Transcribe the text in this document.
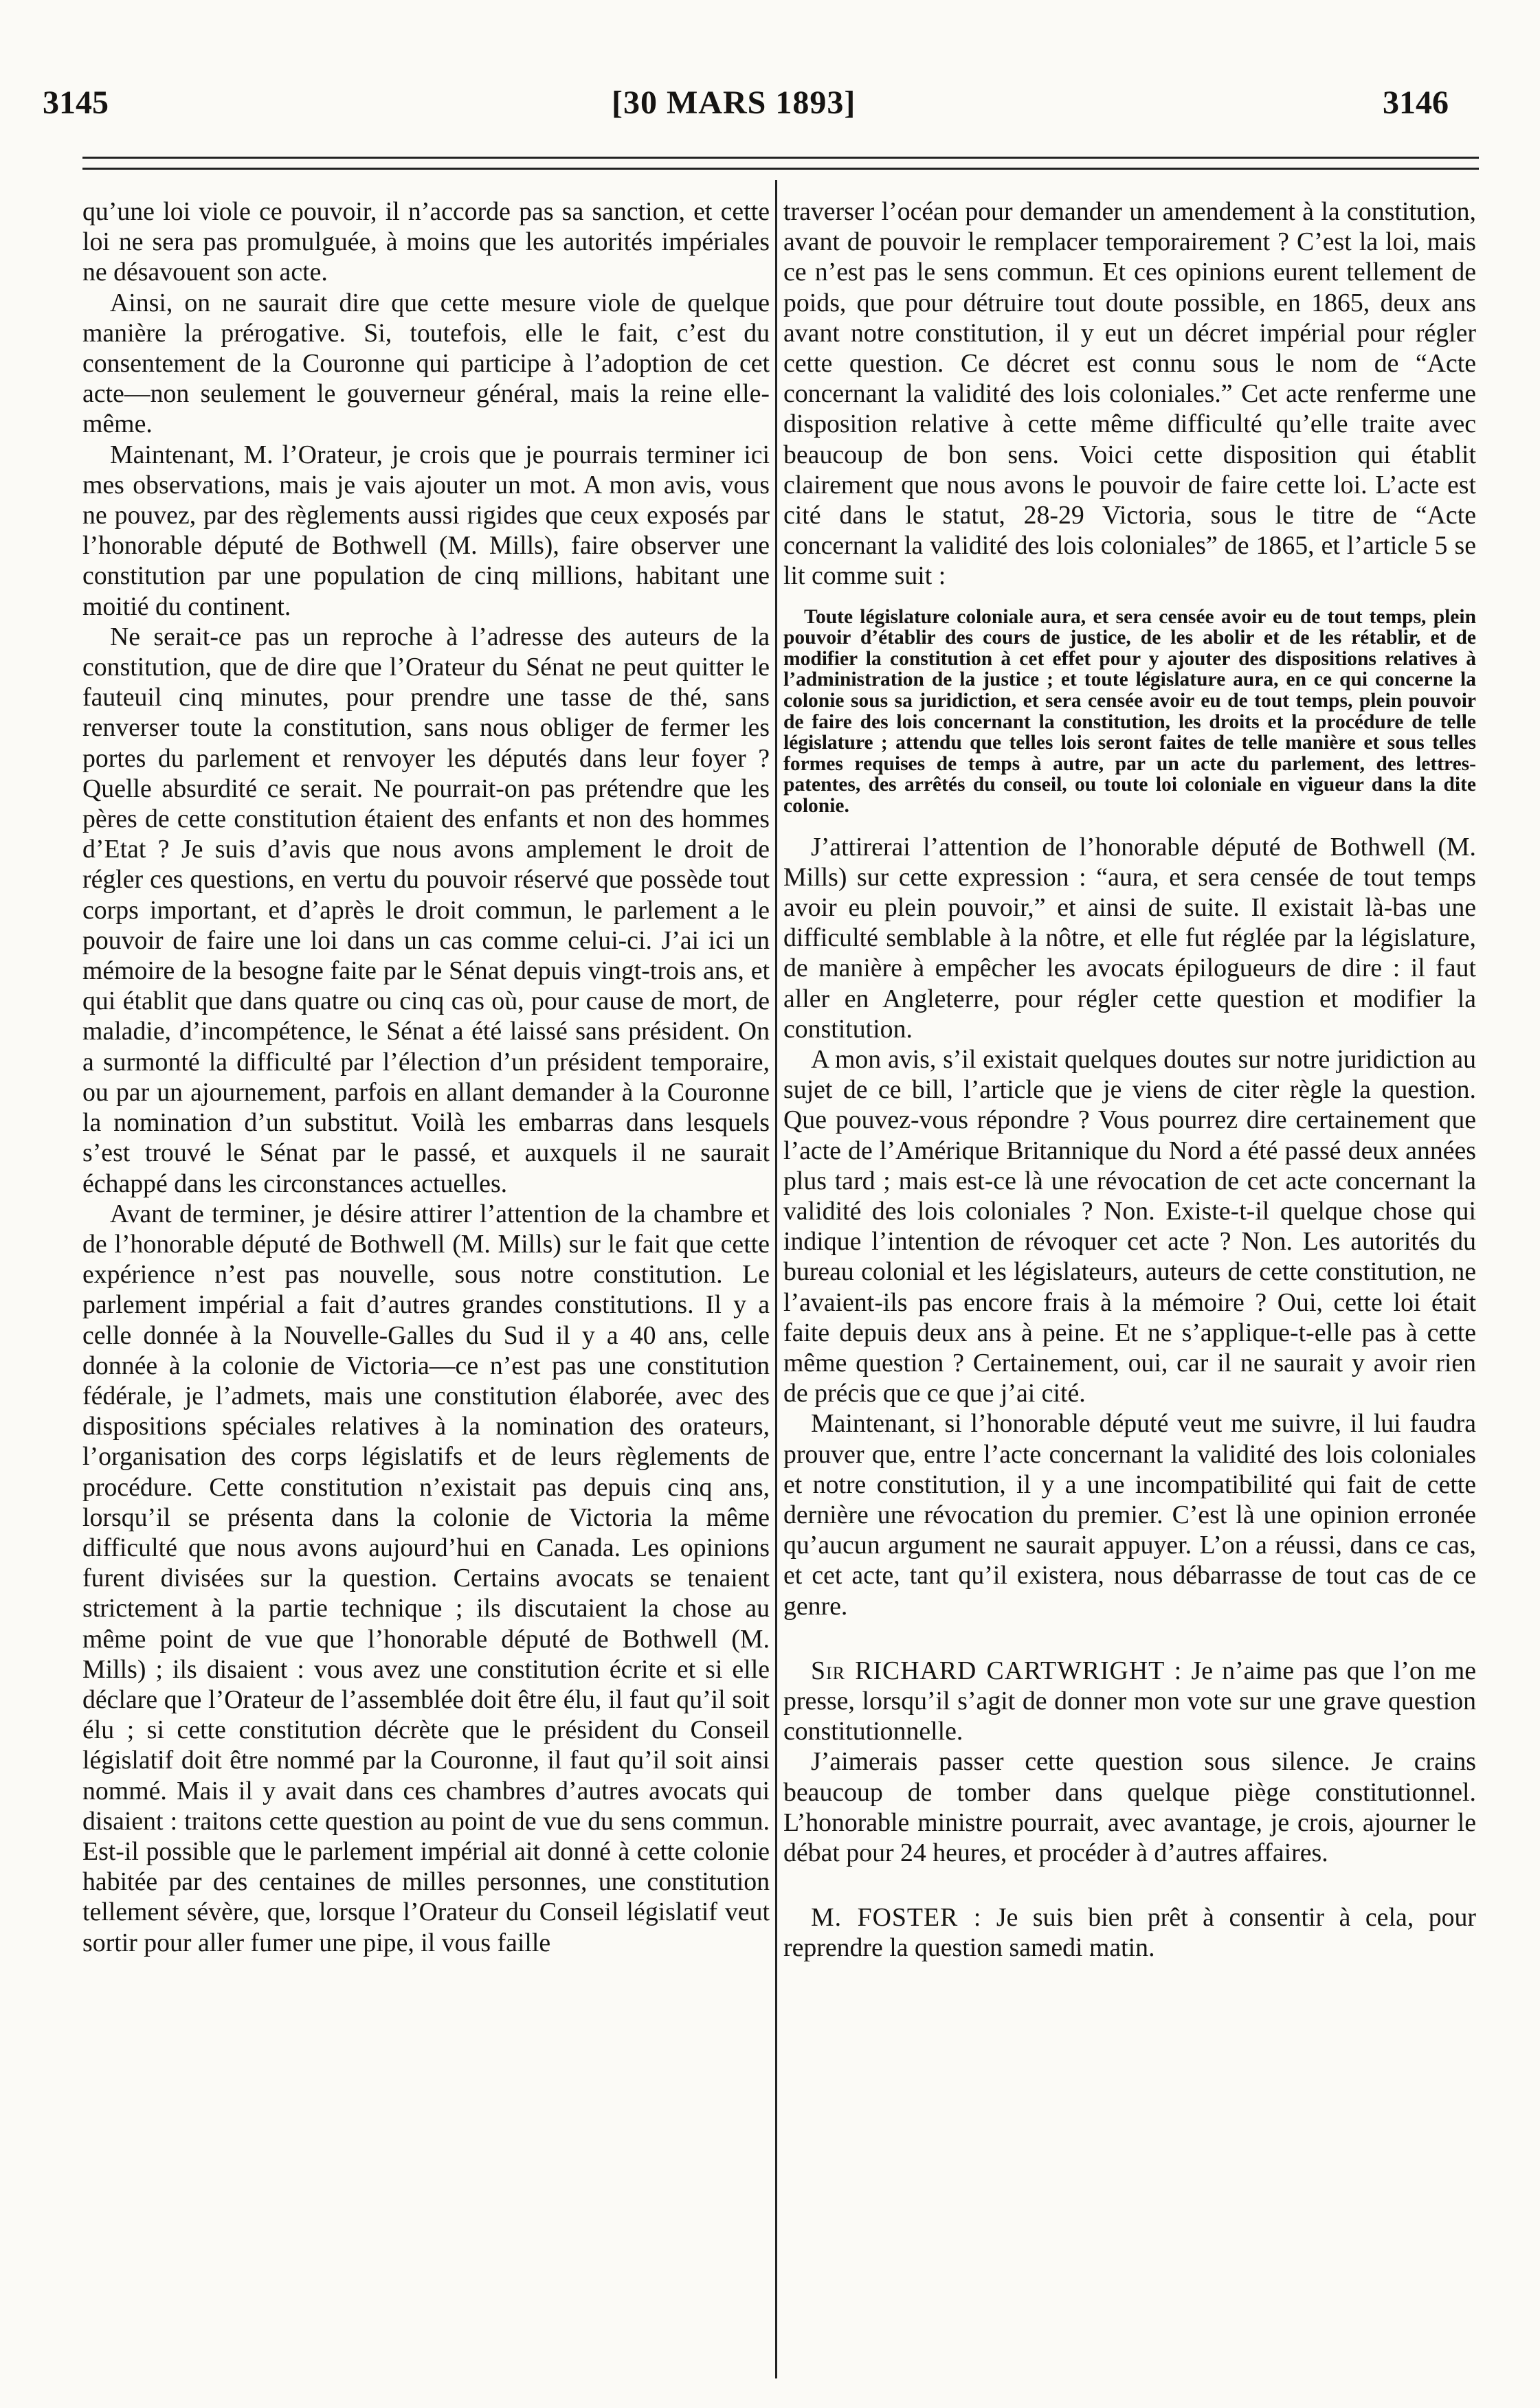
3145	[30 MARS 1893]	3146

qu’une loi viole ce pouvoir, il n’accorde pas sa sanction, et cette loi ne sera pas promulguée, à moins que les autorités impériales ne désavouent son acte.

Ainsi, on ne saurait dire que cette mesure viole de quelque manière la prérogative. Si, toutefois, elle le fait, c’est du consentement de la Couronne qui participe à l’adoption de cet acte—non seulement le gouverneur général, mais la reine elle-même.

Maintenant, M. l’Orateur, je crois que je pourrais terminer ici mes observations, mais je vais ajouter un mot. A mon avis, vous ne pouvez, par des règlements aussi rigides que ceux exposés par l’honorable député de Bothwell (M. Mills), faire observer une constitution par une population de cinq millions, habitant une moitié du continent.

Ne serait-ce pas un reproche à l’adresse des auteurs de la constitution, que de dire que l’Orateur du Sénat ne peut quitter le fauteuil cinq minutes, pour prendre une tasse de thé, sans renverser toute la constitution, sans nous obliger de fermer les portes du parlement et renvoyer les députés dans leur foyer ? Quelle absurdité ce serait. Ne pourrait-on pas prétendre que les pères de cette constitution étaient des enfants et non des hommes d’Etat ? Je suis d’avis que nous avons amplement le droit de régler ces questions, en vertu du pouvoir réservé que possède tout corps important, et d’après le droit commun, le parlement a le pouvoir de faire une loi dans un cas comme celui-ci. J’ai ici un mémoire de la besogne faite par le Sénat depuis vingt-trois ans, et qui établit que dans quatre ou cinq cas où, pour cause de mort, de maladie, d’incompétence, le Sénat a été laissé sans président. On a surmonté la difficulté par l’élection d’un président temporaire, ou par un ajournement, parfois en allant demander à la Couronne la nomination d’un substitut. Voilà les embarras dans lesquels s’est trouvé le Sénat par le passé, et auxquels il ne saurait échappé dans les circonstances actuelles.

Avant de terminer, je désire attirer l’attention de la chambre et de l’honorable député de Bothwell (M. Mills) sur le fait que cette expérience n’est pas nouvelle, sous notre constitution. Le parlement impérial a fait d’autres grandes constitutions. Il y a celle donnée à la Nouvelle-Galles du Sud il y a 40 ans, celle donnée à la colonie de Victoria—ce n’est pas une constitution fédérale, je l’admets, mais une constitution élaborée, avec des dispositions spéciales relatives à la nomination des orateurs, l’organisation des corps législatifs et de leurs règlements de procédure. Cette constitution n’existait pas depuis cinq ans, lorsqu’il se présenta dans la colonie de Victoria la même difficulté que nous avons aujourd’hui en Canada. Les opinions furent divisées sur la question. Certains avocats se tenaient strictement à la partie technique ; ils discutaient la chose au même point de vue que l’honorable député de Bothwell (M. Mills) ; ils disaient : vous avez une constitution écrite et si elle déclare que l’Orateur de l’assemblée doit être élu, il faut qu’il soit élu ; si cette constitution décrète que le président du Conseil législatif doit être nommé par la Couronne, il faut qu’il soit ainsi nommé. Mais il y avait dans ces chambres d’autres avocats qui disaient : traitons cette question au point de vue du sens commun. Est-il possible que le parlement impérial ait donné à cette colonie habitée par des centaines de milles personnes, une constitution tellement sévère, que, lorsque l’Orateur du Conseil législatif veut sortir pour aller fumer une pipe, il vous faille

traverser l’océan pour demander un amendement à la constitution, avant de pouvoir le remplacer temporairement ? C’est la loi, mais ce n’est pas le sens commun. Et ces opinions eurent tellement de poids, que pour détruire tout doute possible, en 1865, deux ans avant notre constitution, il y eut un décret impérial pour régler cette question. Ce décret est connu sous le nom de “Acte concernant la validité des lois coloniales.” Cet acte renferme une disposition relative à cette même difficulté qu’elle traite avec beaucoup de bon sens. Voici cette disposition qui établit clairement que nous avons le pouvoir de faire cette loi. L’acte est cité dans le statut, 28-29 Victoria, sous le titre de “Acte concernant la validité des lois coloniales” de 1865, et l’article 5 se lit comme suit :

Toute législature coloniale aura, et sera censée avoir eu de tout temps, plein pouvoir d’établir des cours de justice, de les abolir et de les rétablir, et de modifier la constitution à cet effet pour y ajouter des dispositions relatives à l’administration de la justice ; et toute législature aura, en ce qui concerne la colonie sous sa juridiction, et sera censée avoir eu de tout temps, plein pouvoir de faire des lois concernant la constitution, les droits et la procédure de telle législature ; attendu que telles lois seront faites de telle manière et sous telles formes requises de temps à autre, par un acte du parlement, des lettres-patentes, des arrêtés du conseil, ou toute loi coloniale en vigueur dans la dite colonie.

J’attirerai l’attention de l’honorable député de Bothwell (M. Mills) sur cette expression : “aura, et sera censée de tout temps avoir eu plein pouvoir,” et ainsi de suite. Il existait là-bas une difficulté semblable à la nôtre, et elle fut réglée par la législature, de manière à empêcher les avocats épilogueurs de dire : il faut aller en Angleterre, pour régler cette question et modifier la constitution.

A mon avis, s’il existait quelques doutes sur notre juridiction au sujet de ce bill, l’article que je viens de citer règle la question. Que pouvez-vous répondre ? Vous pourrez dire certainement que l’acte de l’Amérique Britannique du Nord a été passé deux années plus tard ; mais est-ce là une révocation de cet acte concernant la validité des lois coloniales ? Non. Existe-t-il quelque chose qui indique l’intention de révoquer cet acte ? Non. Les autorités du bureau colonial et les législateurs, auteurs de cette constitution, ne l’avaient-ils pas encore frais à la mémoire ? Oui, cette loi était faite depuis deux ans à peine. Et ne s’applique-t-elle pas à cette même question ? Certainement, oui, car il ne saurait y avoir rien de précis que ce que j’ai cité.

Maintenant, si l’honorable député veut me suivre, il lui faudra prouver que, entre l’acte concernant la validité des lois coloniales et notre constitution, il y a une incompatibilité qui fait de cette dernière une révocation du premier. C’est là une opinion erronée qu’aucun argument ne saurait appuyer. L’on a réussi, dans ce cas, et cet acte, tant qu’il existera, nous débarrasse de tout cas de ce genre.

Sir RICHARD CARTWRIGHT : Je n’aime pas que l’on me presse, lorsqu’il s’agit de donner mon vote sur une grave question constitutionnelle.

J’aimerais passer cette question sous silence. Je crains beaucoup de tomber dans quelque piège constitutionnel. L’honorable ministre pourrait, avec avantage, je crois, ajourner le débat pour 24 heures, et procéder à d’autres affaires.

M. FOSTER : Je suis bien prêt à consentir à cela, pour reprendre la question samedi matin.
